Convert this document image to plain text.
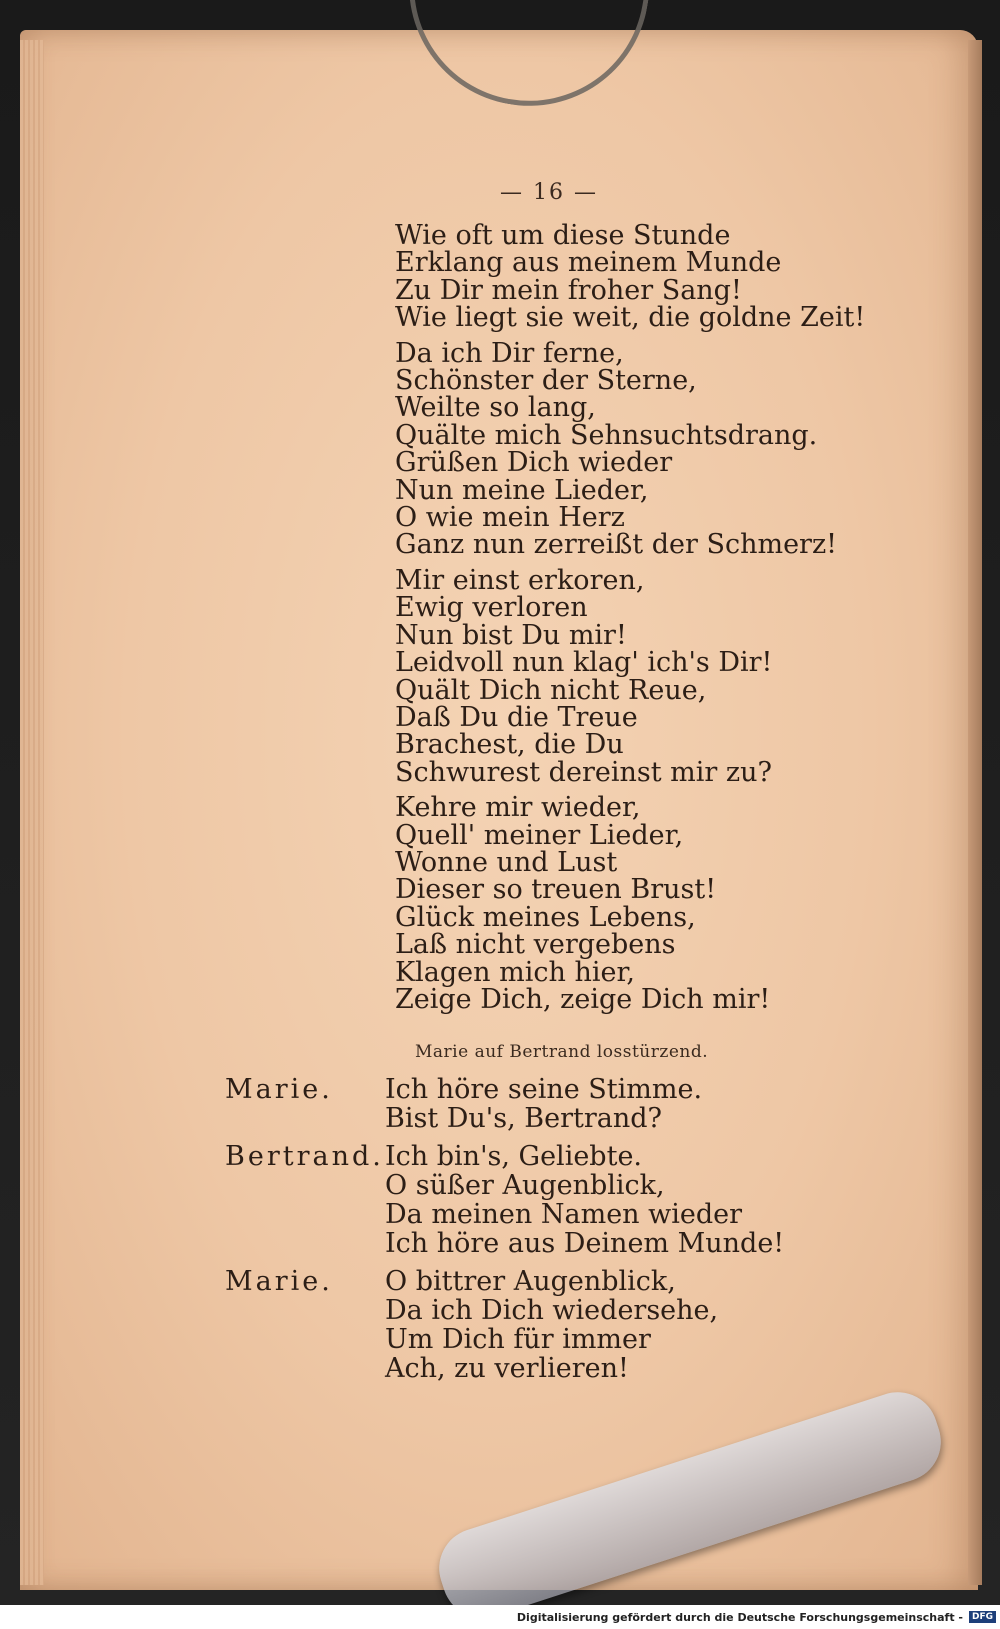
— 16 —
Wie oft um diese Stunde
Erklang aus meinem Munde
Zu Dir mein froher Sang!
Wie liegt sie weit, die goldne Zeit!
Da ich Dir ferne,
Schönster der Sterne,
Weilte so lang,
Quälte mich Sehnsuchtsdrang.
Grüßen Dich wieder
Nun meine Lieder,
O wie mein Herz
Ganz nun zerreißt der Schmerz!
Mir einst erkoren,
Ewig verloren
Nun bist Du mir!
Leidvoll nun klag' ich's Dir!
Quält Dich nicht Reue,
Daß Du die Treue
Brachest, die Du
Schwurest dereinst mir zu?
Kehre mir wieder,
Quell' meiner Lieder,
Wonne und Lust
Dieser so treuen Brust!
Glück meines Lebens,
Laß nicht vergebens
Klagen mich hier,
Zeige Dich, zeige Dich mir!
Marie auf Bertrand losstürzend.
Marie.	Ich höre seine Stimme.
Bist Du's, Bertrand?
Bertrand. Ich bin's, Geliebte.
O süßer Augenblick,
Da meinen Namen wieder
Ich höre aus Deinem Munde!
Marie.	O bittrer Augenblick,
Da ich Dich wiedersehe,
Um Dich für immer
Ach, zu verlieren!
Digitalisierung gefördert durch die Deutsche Forschungsgemeinschaft -	DFG
